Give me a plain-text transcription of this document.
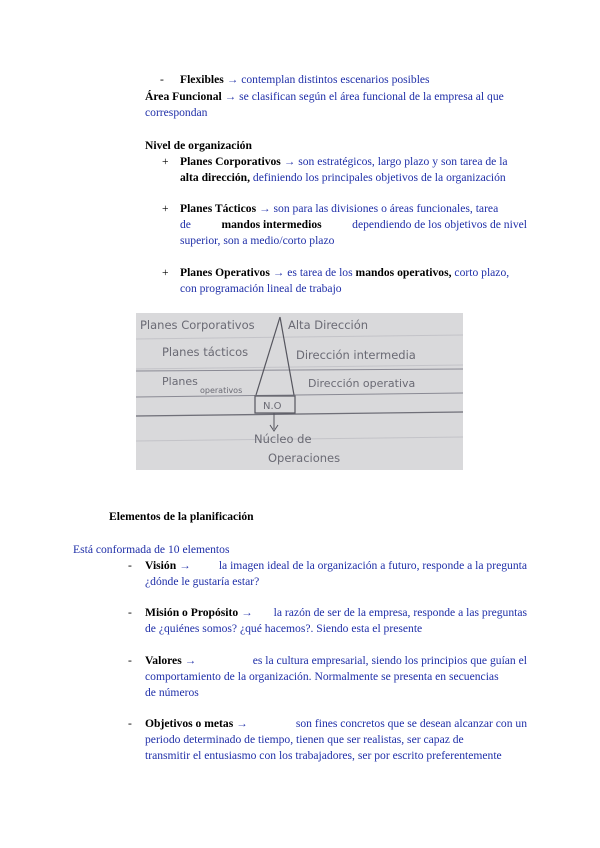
- Flexibles → contemplan distintos escenarios posibles
Área Funcional → se clasifican según el área funcional de la empresa al que
correspondan
Nivel de organización
+ Planes Corporativos → son estratégicos, largo plazo y son tarea de la
alta dirección, definiendo los principales objetivos de la organización
+ Planes Tácticos → son para las divisiones o áreas funcionales, tarea
de	mandos intermedios	dependiendo de los objetivos de nivel
superior, son a medio/corto plazo
+ Planes Operativos → es tarea de los mandos operativos, corto plazo,
con programación lineal de trabajo
Planes Corporativos
Planes tácticos
Planes
operativos
Alta Dirección
Dirección intermedia
Dirección operativa
N.O
Núcleo de
Operaciones
Elementos de la planificación
Está conformada de 10 elementos
- Visión → la imagen ideal de la organización a futuro, responde a la pregunta
¿dónde le gustaría estar?
- Misión o Propósito → la razón de ser de la empresa, responde a las preguntas
de ¿quiénes somos? ¿qué hacemos?. Siendo esta el presente
- Valores →	es la cultura empresarial, siendo los principios que guían el
comportamiento de la organización. Normalmente se presenta en secuencias
de números
- Objetivos o metas →	son fines concretos que se desean alcanzar con un
periodo determinado de tiempo, tienen que ser realistas, ser capaz de
transmitir el entusiasmo con los trabajadores, ser por escrito preferentemente
